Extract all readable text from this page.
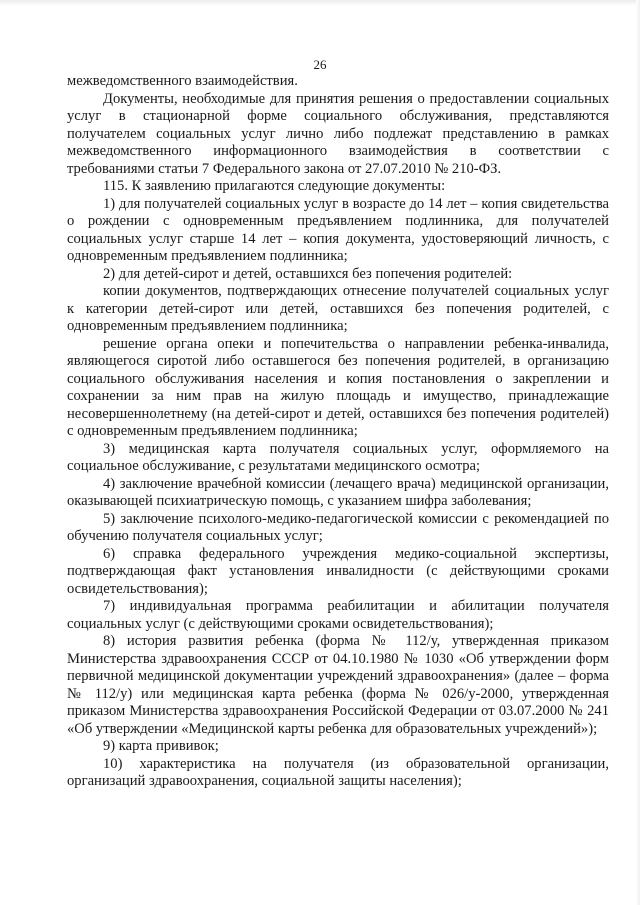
26

межведомственного взаимодействия.

Документы, необходимые для принятия решения о предоставлении социальных услуг в стационарной форме социального обслуживания, представляются получателем социальных услуг лично либо подлежат представлению в рамках межведомственного информационного взаимодействия в соответствии с требованиями статьи 7 Федерального закона от 27.07.2010 № 210-ФЗ.

115. К заявлению прилагаются следующие документы:

1) для получателей социальных услуг в возрасте до 14 лет – копия свидетельства о рождении с одновременным предъявлением подлинника, для получателей социальных услуг старше 14 лет – копия документа, удостоверяющий личность, с одновременным предъявлением подлинника;

2) для детей-сирот и детей, оставшихся без попечения родителей:

копии документов, подтверждающих отнесение получателей социальных услуг к категории детей-сирот или детей, оставшихся без попечения родителей, с одновременным предъявлением подлинника;

решение органа опеки и попечительства о направлении ребенка-инвалида, являющегося сиротой либо оставшегося без попечения родителей, в организацию социального обслуживания населения и копия постановления о закреплении и сохранении за ним прав на жилую площадь и имущество, принадлежащие несовершеннолетнему (на детей-сирот и детей, оставшихся без попечения родителей) с одновременным предъявлением подлинника;

3) медицинская карта получателя социальных услуг, оформляемого на социальное обслуживание, с результатами медицинского осмотра;

4) заключение врачебной комиссии (лечащего врача) медицинской организации, оказывающей психиатрическую помощь, с указанием шифра заболевания;

5) заключение психолого-медико-педагогической комиссии с рекомендацией по обучению получателя социальных услуг;

6) справка федерального учреждения медико-социальной экспертизы, подтверждающая факт установления инвалидности (с действующими сроками освидетельствования);

7) индивидуальная программа реабилитации и абилитации получателя социальных услуг (с действующими сроками освидетельствования);

8) история развития ребенка (форма № 112/у, утвержденная приказом Министерства здравоохранения СССР от 04.10.1980 № 1030 «Об утверждении форм первичной медицинской документации учреждений здравоохранения» (далее – форма № 112/у) или медицинская карта ребенка (форма № 026/у-2000, утвержденная приказом Министерства здравоохранения Российской Федерации от 03.07.2000 № 241 «Об утверждении «Медицинской карты ребенка для образовательных учреждений»);

9) карта прививок;

10) характеристика на получателя (из образовательной организации, организаций здравоохранения, социальной защиты населения);
